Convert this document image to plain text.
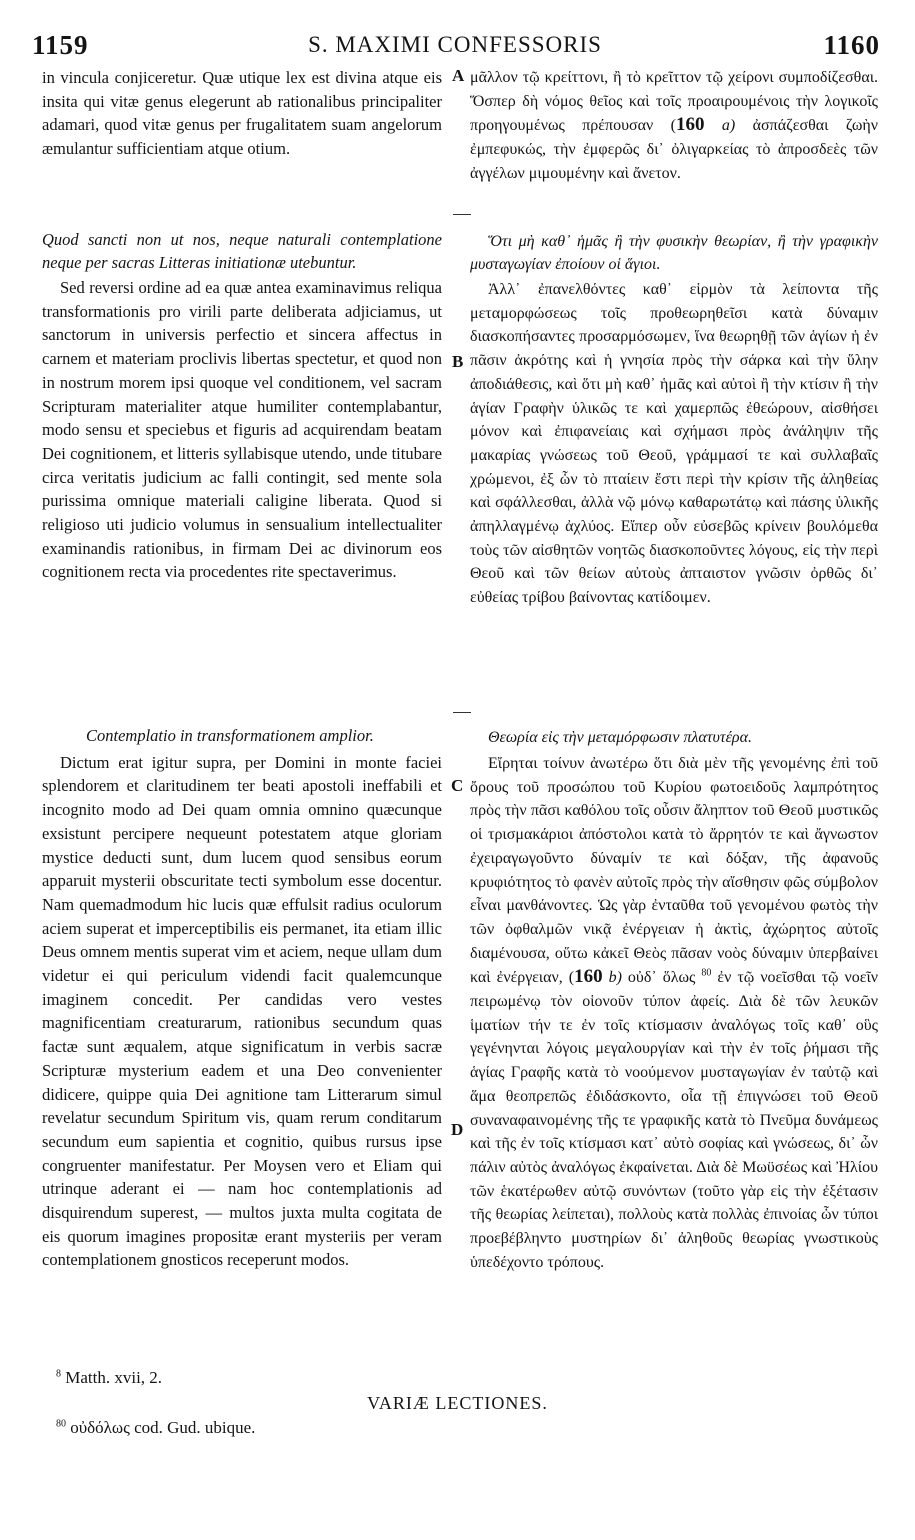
1159	S. MAXIMI CONFESSORIS	1160

in vincula conjiceretur. Quæ utique lex est divina atque eis insita qui vitæ genus elegerunt ab rationalibus principaliter adamari, quod vitæ genus per frugalitatem suam angelorum æmulantur sufficientiam atque otium.

Quod sancti non ut nos, neque naturali contemplatione neque per sacras Litteras initiationæ utebuntur.

Sed reversi ordine ad ea quæ antea examinavimus reliqua transformationis pro virili parte deliberata adjiciamus, ut sanctorum in universis perfectio et sincera affectus in carnem et materiam proclivis libertas spectetur, et quod non in nostrum morem ipsi quoque vel conditionem, vel sacram Scripturam materialiter atque humiliter contemplabantur, modo sensu et speciebus et figuris ad acquirendam beatam Dei cognitionem, et litteris syllabisque utendo, unde titubare circa veritatis judicium ac falli contingit, sed mente sola purissima omnique materiali caligine liberata. Quod si religioso uti judicio volumus in sensualium intellectualiter examinandis rationibus, in firmam Dei ac divinorum eos cognitionem recta via procedentes rite spectaverimus.

Contemplatio in transformationem amplior.

Dictum erat igitur supra, per Domini in monte faciei splendorem et claritudinem ter beati apostoli ineffabili et incognito modo ad Dei quam omnia omnino quæcunque exsistunt percipere nequeunt potestatem atque gloriam mystice deducti sunt, dum lucem quod sensibus eorum apparuit mysterii obscuritate tecti symbolum esse docentur. Nam quemadmodum hic lucis quæ effulsit radius oculorum aciem superat et imperceptibilis eis permanet, ita etiam illic Deus omnem mentis superat vim et aciem, neque ullam dum videtur ei qui periculum videndi facit qualemcunque imaginem concedit. Per candidas vero vestes magnificentiam creaturarum, rationibus secundum quas factæ sunt æqualem, atque significatum in verbis sacræ Scripturæ mysterium eadem et una Deo convenienter didicere, quippe quia Dei agnitione tam Litterarum simul revelatur secundum Spiritum vis, quam rerum conditarum secundum eum sapientia et cognitio, quibus rursus ipse congruenter manifestatur. Per Moysen vero et Eliam qui utrinque aderant ei — nam hoc contemplationis ad disquirendum superest, — multos juxta multa cogitata de eis quorum imagines propositæ erant mysteriis per veram contemplationem gnosticos receperunt modos.

A
B
C
D

μᾶλλον τῷ κρείττονι, ἢ τὸ κρεῖττον τῷ χείρονι συμποδίζεσθαι. Ὅσπερ δὴ νόμος θεῖος καὶ τοῖς προαιρουμένοις τὴν λογικοῖς προηγουμένως πρέπουσαν (160 a) ἀσπάζεσθαι ζωὴν ἐμπεφυκώς, τὴν ἐμφερῶς δι᾽ ὀλιγαρκείας τὸ ἀπροσδεὲς τῶν ἀγγέλων μιμουμένην καὶ ἄνετον.

Ὅτι μὴ καθ᾽ ἡμᾶς ἢ τὴν φυσικὴν θεωρίαν, ἢ τὴν γραφικὴν μυσταγωγίαν ἐποίουν οἱ ἅγιοι.

Ἀλλ᾽ ἐπανελθόντες καθ᾽ εἱρμὸν τὰ λείποντα τῆς μεταμορφώσεως τοῖς προθεωρηθεῖσι κατὰ δύναμιν διασκοπήσαντες προσαρμόσωμεν, ἵνα θεωρηθῇ τῶν ἁγίων ἡ ἐν πᾶσιν ἀκρότης καὶ ἡ γνησία πρὸς τὴν σάρκα καὶ τὴν ὕλην ἀποδιάθεσις, καὶ ὅτι μὴ καθ᾽ ἡμᾶς καὶ αὐτοὶ ἢ τὴν κτίσιν ἢ τὴν ἁγίαν Γραφὴν ὑλικῶς τε καὶ χαμερπῶς ἐθεώρουν, αἰσθήσει μόνον καὶ ἐπιφανείαις καὶ σχήμασι πρὸς ἀνάληψιν τῆς μακαρίας γνώσεως τοῦ Θεοῦ, γράμμασί τε καὶ συλλαβαῖς χρώμενοι, ἐξ ὧν τὸ πταίειν ἔστι περὶ τὴν κρίσιν τῆς ἀληθείας καὶ σφάλλεσθαι, ἀλλὰ νῷ μόνῳ καθαρωτάτῳ καὶ πάσης ὑλικῆς ἀπηλλαγμένῳ ἀχλύος. Εἴπερ οὖν εὐσεβῶς κρίνειν βουλόμεθα τοὺς τῶν αἰσθητῶν νοητῶς διασκοποῦντες λόγους, εἰς τὴν περὶ Θεοῦ καὶ τῶν θείων αὐτοὺς ἀπταιστον γνῶσιν ὀρθῶς δι᾽ εὐθείας τρίβου βαίνοντας κατίδοιμεν.

Θεωρία εἰς τὴν μεταμόρφωσιν πλατυτέρα.

Εἴρηται τοίνυν ἀνωτέρω ὅτι διὰ μὲν τῆς γενομένης ἐπὶ τοῦ ὄρους τοῦ προσώπου τοῦ Κυρίου φωτοειδοῦς λαμπρότητος πρὸς τὴν πᾶσι καθόλου τοῖς οὖσιν ἄληπτον τοῦ Θεοῦ μυστικῶς οἱ τρισμακάριοι ἀπόστολοι κατὰ τὸ ἄρρητόν τε καὶ ἄγνωστον ἐχειραγωγοῦντο δύναμίν τε καὶ δόξαν, τῆς ἀφανοῦς κρυφιότητος τὸ φανὲν αὐτοῖς πρὸς τὴν αἴσθησιν φῶς σύμβολον εἶναι μανθάνοντες. Ὡς γὰρ ἐνταῦθα τοῦ γενομένου φωτὸς τὴν τῶν ὀφθαλμῶν νικᾷ ἐνέργειαν ἡ ἀκτὶς, ἀχώρητος αὐτοῖς διαμένουσα, οὕτω κἀκεῖ Θεὸς πᾶσαν νοὸς δύναμιν ὑπερβαίνει καὶ ἐνέργειαν, (160 b) οὐδ᾽ ὅλως $^{80}$ ἐν τῷ νοεῖσθαι τῷ νοεῖν πειρωμένῳ τὸν οἱονοῦν τύπον ἀφείς. Διὰ δὲ τῶν λευκῶν ἱματίων τήν τε ἐν τοῖς κτίσμασιν ἀναλόγως τοῖς καθ᾽ οὓς γεγένηνται λόγοις μεγαλουργίαν καὶ τὴν ἐν τοῖς ῥήμασι τῆς ἁγίας Γραφῆς κατὰ τὸ νοούμενον μυσταγωγίαν ἐν ταὐτῷ καὶ ἅμα θεοπρεπῶς ἐδιδάσκοντο, οἷα τῇ ἐπιγνώσει τοῦ Θεοῦ συναναφαινομένης τῆς τε γραφικῆς κατὰ τὸ Πνεῦμα δυνάμεως καὶ τῆς ἐν τοῖς κτίσμασι κατ᾽ αὐτὸ σοφίας καὶ γνώσεως, δι᾽ ὧν πάλιν αὐτὸς ἀναλόγως ἐκφαίνεται. Διὰ δὲ Μωϋσέως καὶ Ἠλίου τῶν ἑκατέρωθεν αὐτῷ συνόντων (τοῦτο γὰρ εἰς τὴν ἐξέτασιν τῆς θεωρίας λείπεται), πολλοὺς κατὰ πολλὰς ἐπινοίας ὧν τύποι προεβέβληντο μυστηρίων δι᾽ ἀληθοῦς θεωρίας γνωστικοὺς ὑπεδέχοντο τρόπους.

$^8$ Matth. xvii, 2.
VARIÆ LECTIONES.
$^{80}$ οὐδόλως cod. Gud. ubique.
